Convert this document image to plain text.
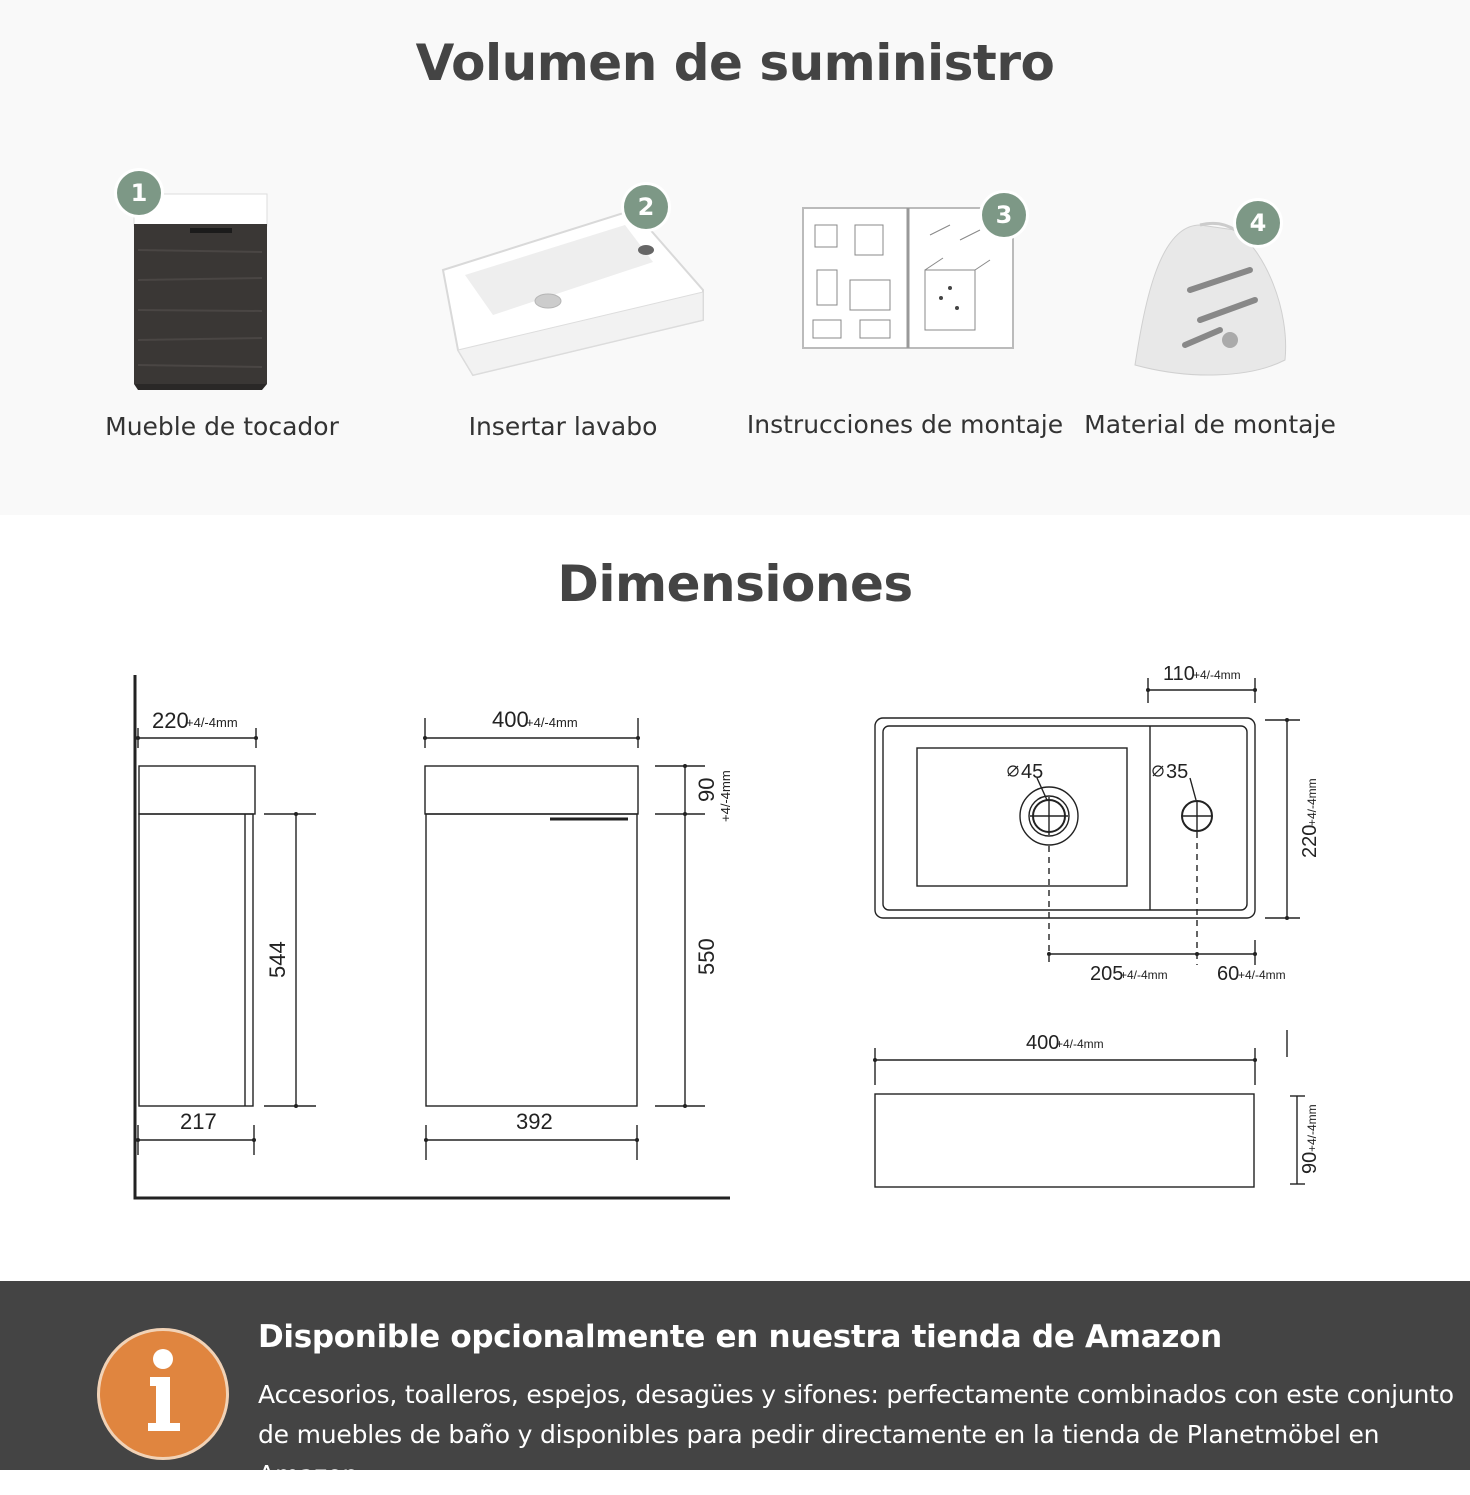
Volumen de suministro
1
Mueble de tocador
2
Insertar lavabo
3
Instrucciones de montaje
4
Material de montaje
Dimensiones
220
+4/-4mm
544
217
400
+4/-4mm
90 +4/-4mm
550
392
110
+4/-4mm
220
+4/-4mm
45	35
205
+4/-4mm 60
+4/-4mm
400
+4/-4mm
90
+4/-4mm
Disponible opcionalmente en nuestra tienda de Amazon

Accesorios, toalleros, espejos, desagües y sifones: perfectamente combinados con este conjunto de muebles de baño y disponibles para pedir directamente en la tienda de Planetmöbel en Amazon.
